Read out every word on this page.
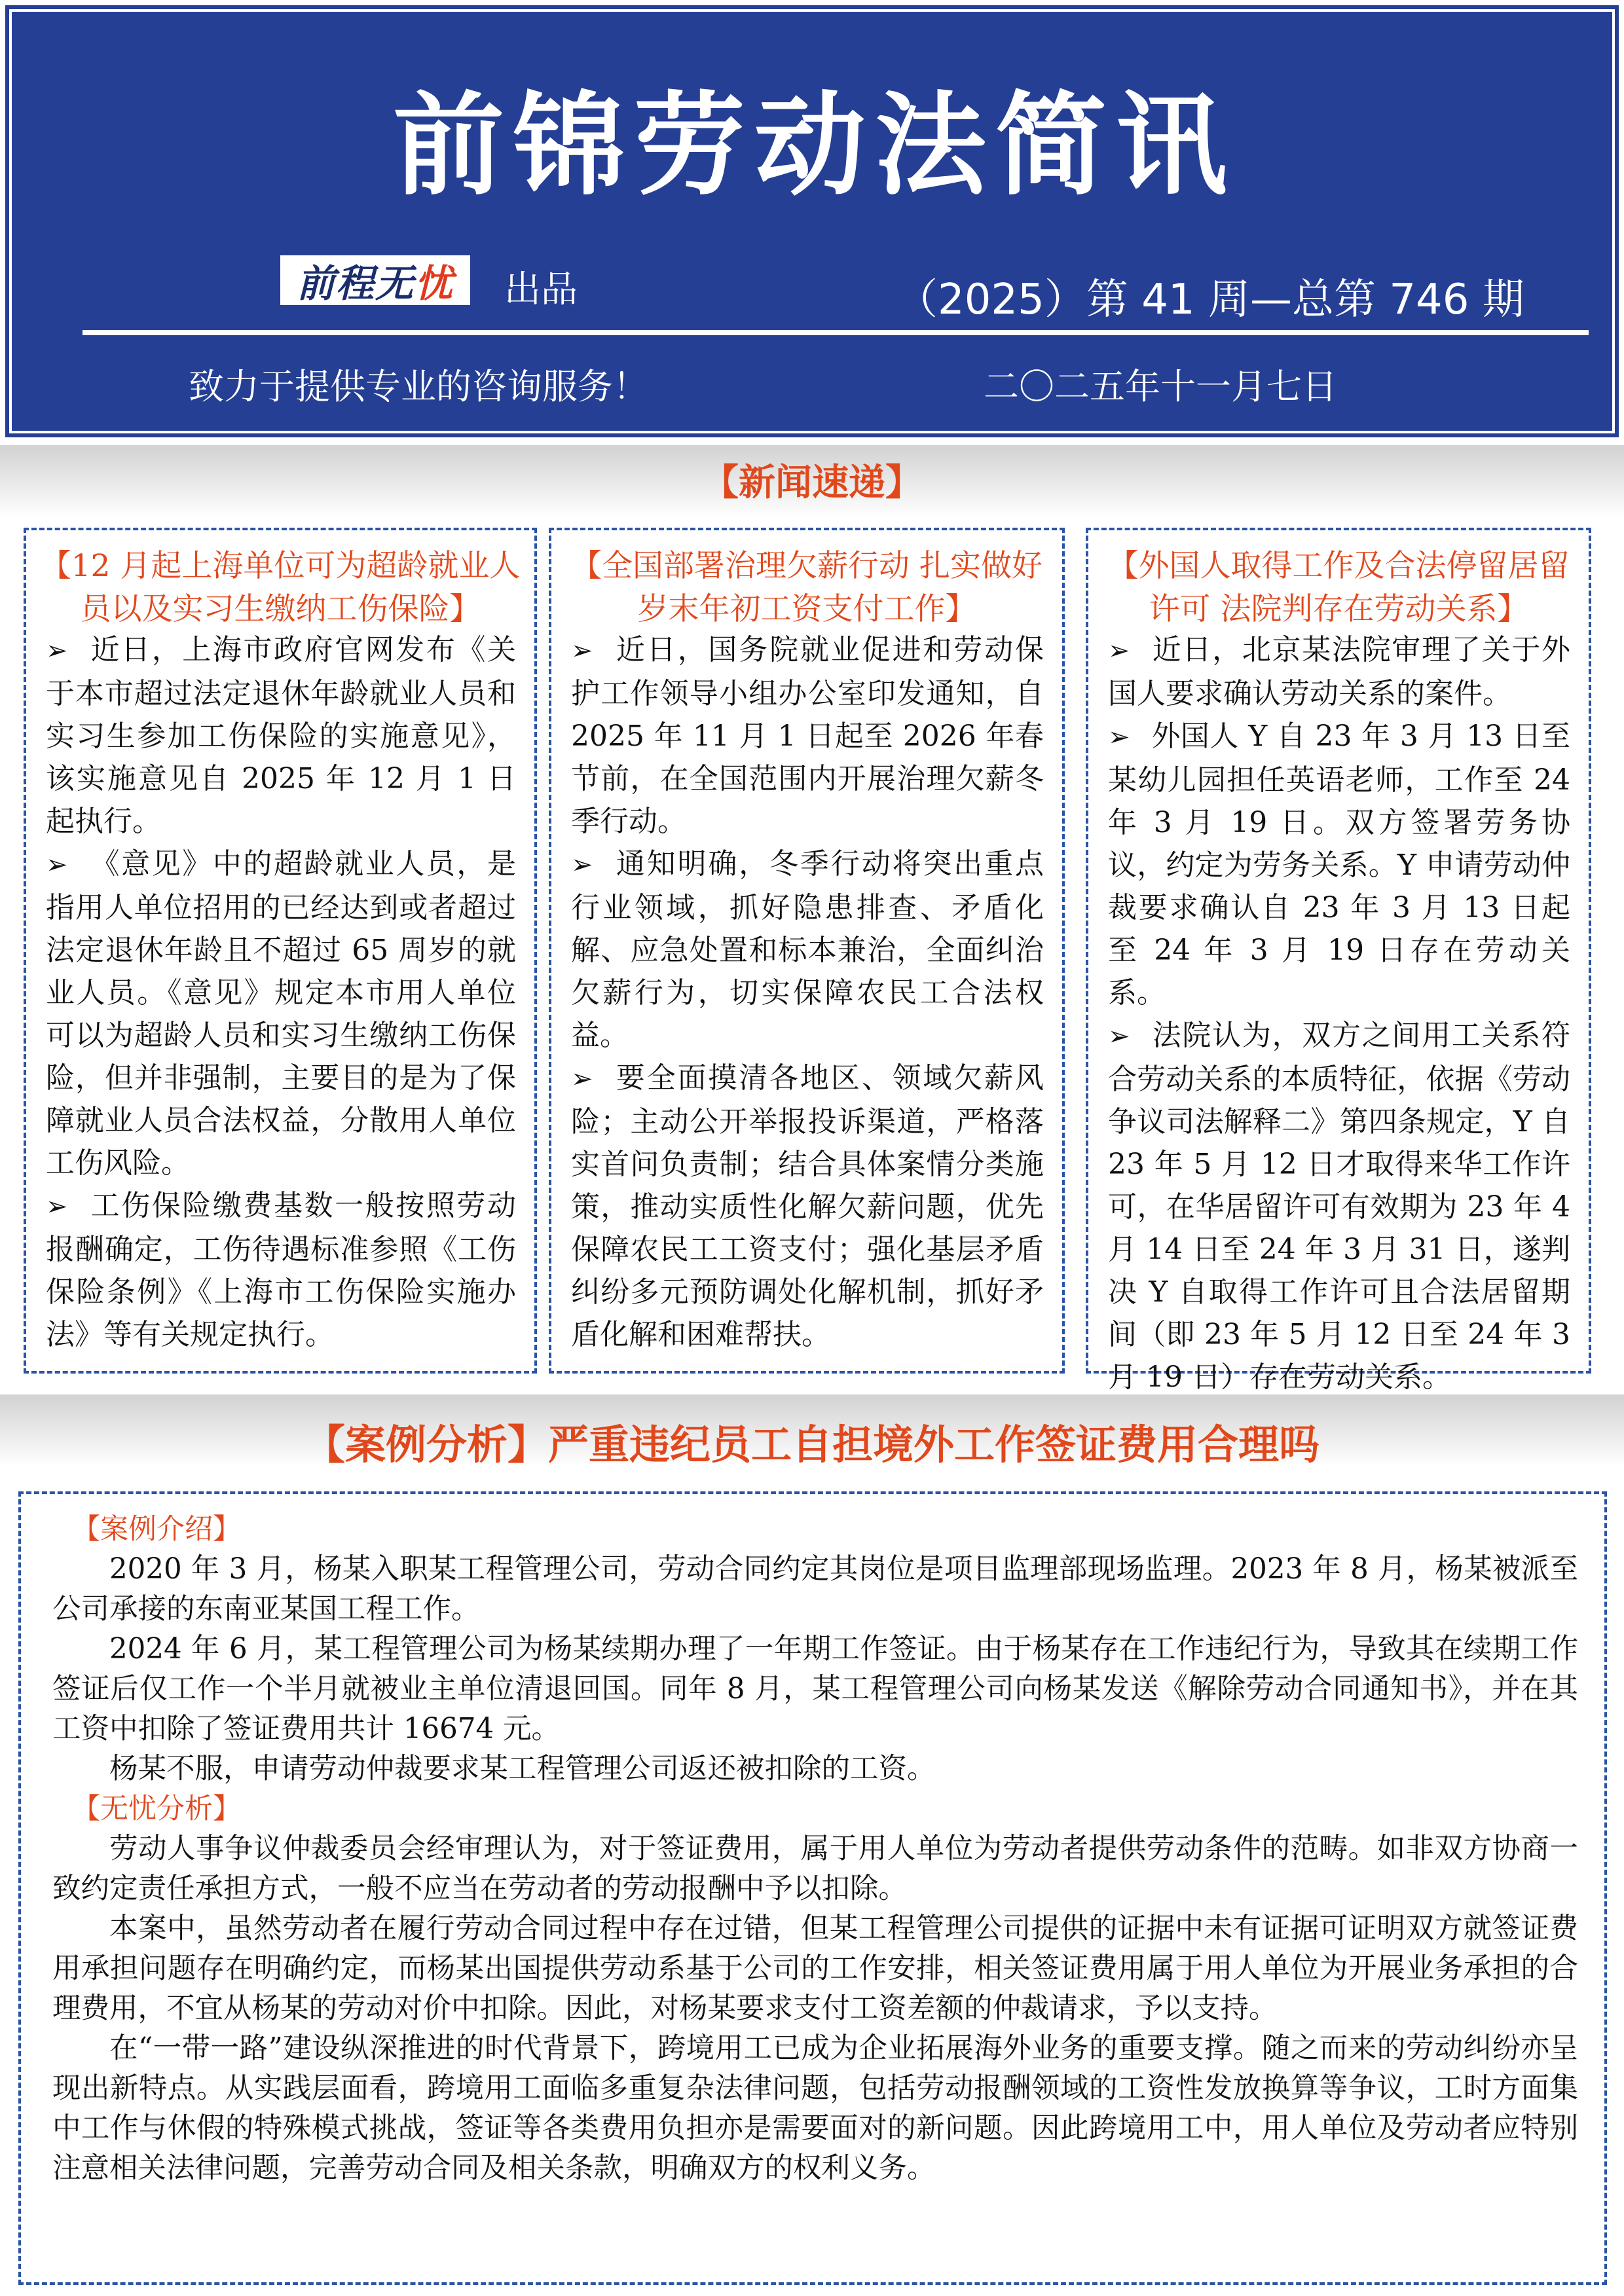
前锦劳动法简讯
前程无 忧 出品	（2025）第 41 周—总第 746 期
致力于提供专业的咨询服务！	二〇二五年十一月七日
【新闻速递】
【12 月起上海单位可为超龄就业人员以及实习生缴纳工伤保险】

➢ 近日，上海市政府官网发布《关于本市超过法定退休年龄就业人员和实习生参加工伤保险的实施意见》，该实施意见自 2025 年 12 月 1 日起执行。

➢ 《意见》中的超龄就业人员，是指用人单位招用的已经达到或者超过法定退休年龄且不超过 65 周岁的就业人员。《意见》规定本市用人单位可以为超龄人员和实习生缴纳工伤保险，但并非强制，主要目的是为了保障就业人员合法权益，分散用人单位工伤风险。

➢ 工伤保险缴费基数一般按照劳动报酬确定，工伤待遇标准参照《工伤保险条例》《上海市工伤保险实施办法》等有关规定执行。

【全国部署治理欠薪行动 扎实做好岁末年初工资支付工作】

➢ 近日，国务院就业促进和劳动保护工作领导小组办公室印发通知，自 2025 年 11 月 1 日起至 2026 年春节前，在全国范围内开展治理欠薪冬季行动。

➢ 通知明确，冬季行动将突出重点行业领域，抓好隐患排查、矛盾化解、应急处置和标本兼治，全面纠治欠薪行为，切实保障农民工合法权益。

➢ 要全面摸清各地区、领域欠薪风险；主动公开举报投诉渠道，严格落实首问负责制；结合具体案情分类施策，推动实质性化解欠薪问题，优先保障农民工工资支付；强化基层矛盾纠纷多元预防调处化解机制，抓好矛盾化解和困难帮扶。

【外国人取得工作及合法停留居留许可 法院判存在劳动关系】

➢ 近日，北京某法院审理了关于外国人要求确认劳动关系的案件。

➢ 外国人 Y 自 23 年 3 月 13 日至某幼儿园担任英语老师，工作至 24 年 3 月 19 日。双方签署劳务协议，约定为劳务关系。Y 申请劳动仲裁要求确认自 23 年 3 月 13 日起至 24 年 3 月 19 日存在劳动关系。

➢ 法院认为，双方之间用工关系符合劳动关系的本质特征，依据《劳动争议司法解释二》第四条规定，Y 自 23 年 5 月 12 日才取得来华工作许可，在华居留许可有效期为 23 年 4 月 14 日至 24 年 3 月 31 日，遂判决 Y 自取得工作许可且合法居留期间（即 23 年 5 月 12 日至 24 年 3 月 19 日）存在劳动关系。

【案例分析】严重违纪员工自担境外工作签证费用合理吗

【案例介绍】

2020 年 3 月，杨某入职某工程管理公司，劳动合同约定其岗位是项目监理部现场监理。2023 年 8 月，杨某被派至公司承接的东南亚某国工程工作。

2024 年 6 月，某工程管理公司为杨某续期办理了一年期工作签证。由于杨某存在工作违纪行为，导致其在续期工作签证后仅工作一个半月就被业主单位清退回国。同年 8 月，某工程管理公司向杨某发送《解除劳动合同通知书》，并在其工资中扣除了签证费用共计 16674 元。

杨某不服，申请劳动仲裁要求某工程管理公司返还被扣除的工资。

【无忧分析】

劳动人事争议仲裁委员会经审理认为，对于签证费用，属于用人单位为劳动者提供劳动条件的范畴。如非双方协商一致约定责任承担方式，一般不应当在劳动者的劳动报酬中予以扣除。

本案中，虽然劳动者在履行劳动合同过程中存在过错，但某工程管理公司提供的证据中未有证据可证明双方就签证费用承担问题存在明确约定，而杨某出国提供劳动系基于公司的工作安排，相关签证费用属于用人单位为开展业务承担的合理费用，不宜从杨某的劳动对价中扣除。因此，对杨某要求支付工资差额的仲裁请求，予以支持。

在“一带一路”建设纵深推进的时代背景下，跨境用工已成为企业拓展海外业务的重要支撑。随之而来的劳动纠纷亦呈现出新特点。从实践层面看，跨境用工面临多重复杂法律问题，包括劳动报酬领域的工资性发放换算等争议，工时方面集中工作与休假的特殊模式挑战，签证等各类费用负担亦是需要面对的新问题。因此跨境用工中，用人单位及劳动者应特别注意相关法律问题，完善劳动合同及相关条款，明确双方的权利义务。
